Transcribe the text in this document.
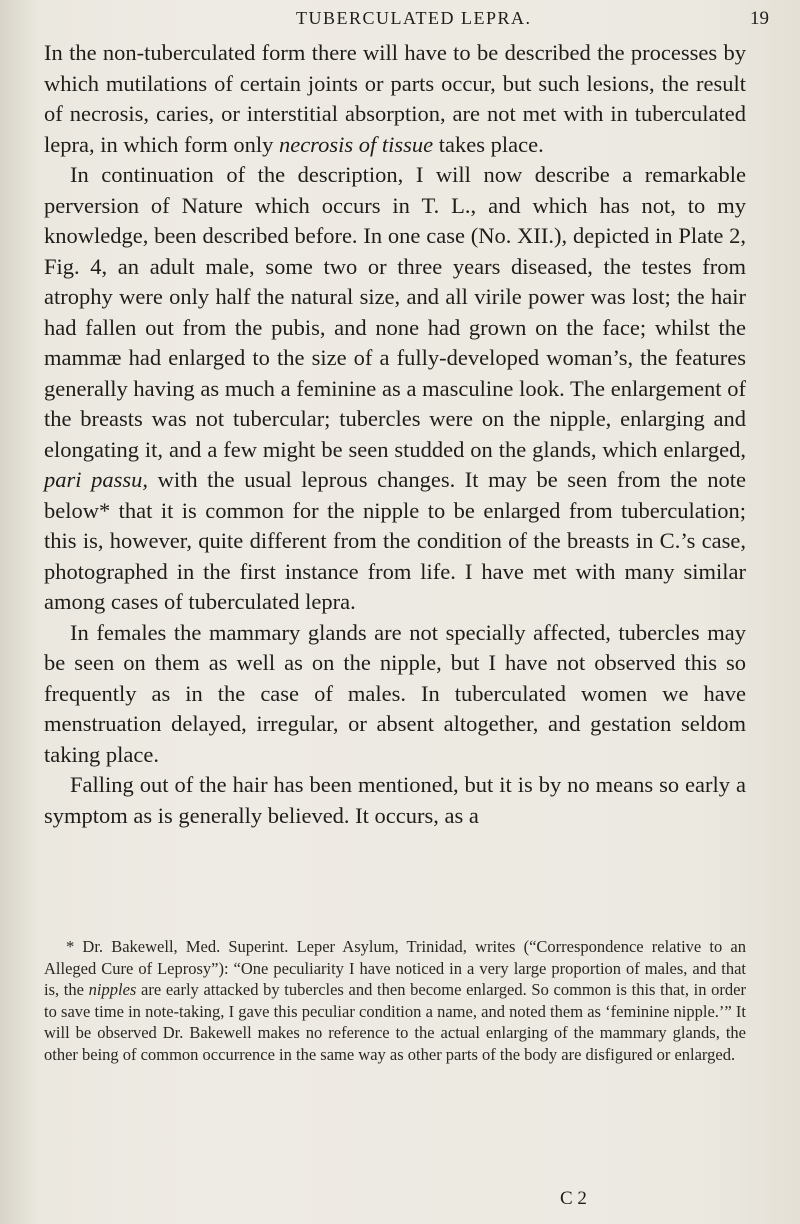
TUBERCULATED LEPRA.	19

In the non-tuberculated form there will have to be described the processes by which mutilations of certain joints or parts occur, but such lesions, the result of necrosis, caries, or interstitial absorption, are not met with in tuberculated lepra, in which form only necrosis of tissue takes place.

In continuation of the description, I will now describe a remarkable perversion of Nature which occurs in T. L., and which has not, to my knowledge, been described before. In one case (No. XII.), depicted in Plate 2, Fig. 4, an adult male, some two or three years diseased, the testes from atrophy were only half the natural size, and all virile power was lost; the hair had fallen out from the pubis, and none had grown on the face; whilst the mammæ had enlarged to the size of a fully-developed woman’s, the features generally having as much a feminine as a masculine look. The enlargement of the breasts was not tubercular; tubercles were on the nipple, enlarging and elongating it, and a few might be seen studded on the glands, which enlarged, pari passu, with the usual leprous changes. It may be seen from the note below* that it is common for the nipple to be enlarged from tuberculation; this is, however, quite different from the condition of the breasts in C.’s case, photographed in the first instance from life. I have met with many similar among cases of tuberculated lepra.

In females the mammary glands are not specially affected, tubercles may be seen on them as well as on the nipple, but I have not observed this so frequently as in the case of males. In tuberculated women we have menstruation delayed, irregular, or absent altogether, and gestation seldom taking place.

Falling out of the hair has been mentioned, but it is by no means so early a symptom as is generally believed. It occurs, as a

* Dr. Bakewell, Med. Superint. Leper Asylum, Trinidad, writes (“Correspondence relative to an Alleged Cure of Leprosy”): “One peculiarity I have noticed in a very large proportion of males, and that is, the nipples are early attacked by tubercles and then become enlarged. So common is this that, in order to save time in note-taking, I gave this peculiar condition a name, and noted them as ‘feminine nipple.’” It will be observed Dr. Bakewell makes no reference to the actual enlarging of the mammary glands, the other being of common occurrence in the same way as other parts of the body are disfigured or enlarged.

C 2
